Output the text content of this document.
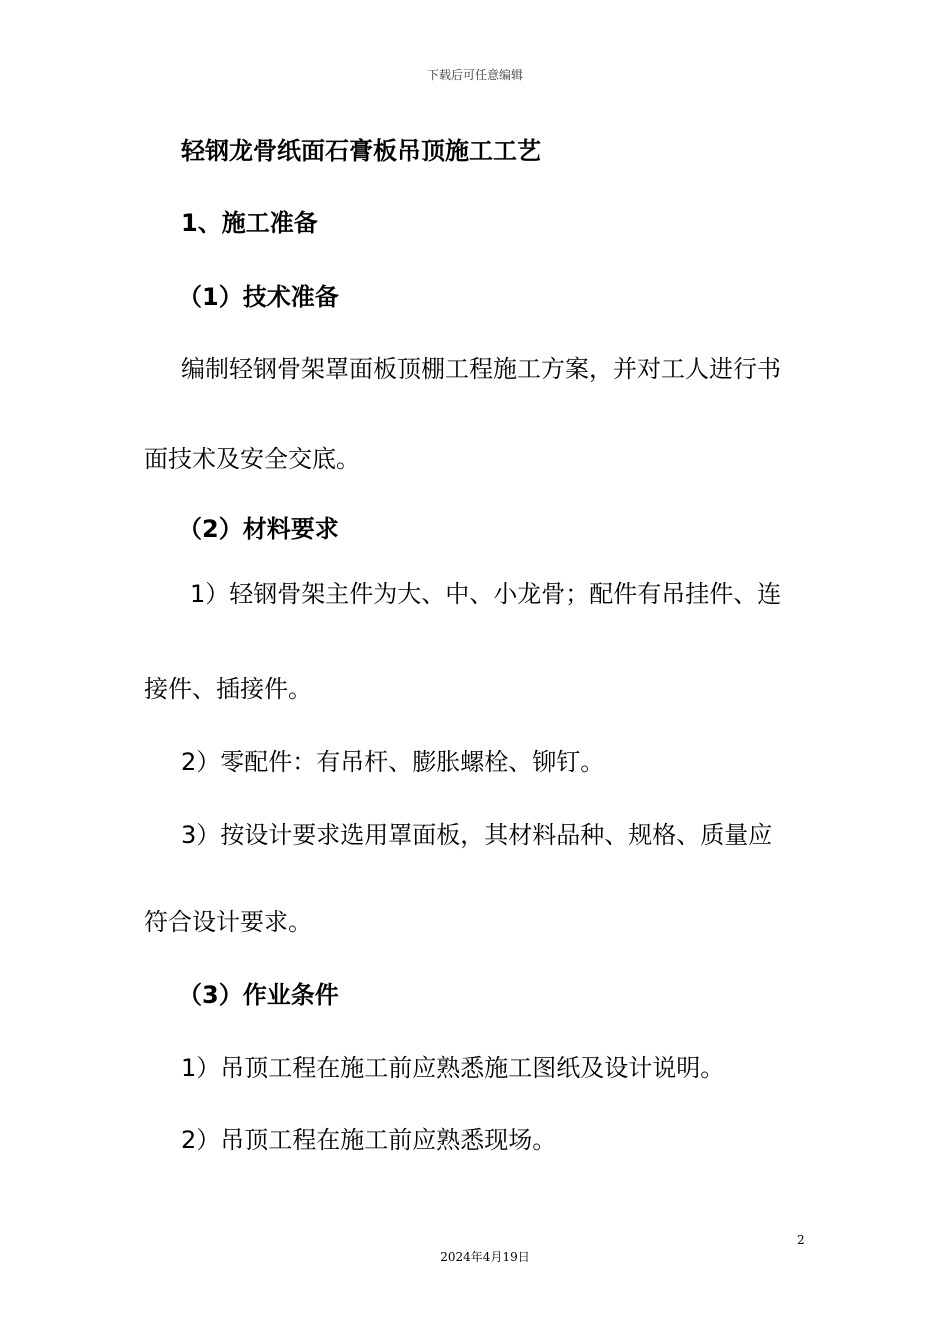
下载后可任意编辑
轻钢龙骨纸面石膏板吊顶施工工艺
1、施工准备
（1）技术准备
编制轻钢骨架罩面板顶棚工程施工方案，并对工人进行书
面技术及安全交底。
（2）材料要求
1）轻钢骨架主件为大、中、小龙骨；配件有吊挂件、连
接件、插接件。
2）零配件：有吊杆、膨胀螺栓、铆钉。
3）按设计要求选用罩面板，其材料品种、规格、质量应
符合设计要求。
（3）作业条件
1）吊顶工程在施工前应熟悉施工图纸及设计说明。
2）吊顶工程在施工前应熟悉现场。
2
2024年4月19日
